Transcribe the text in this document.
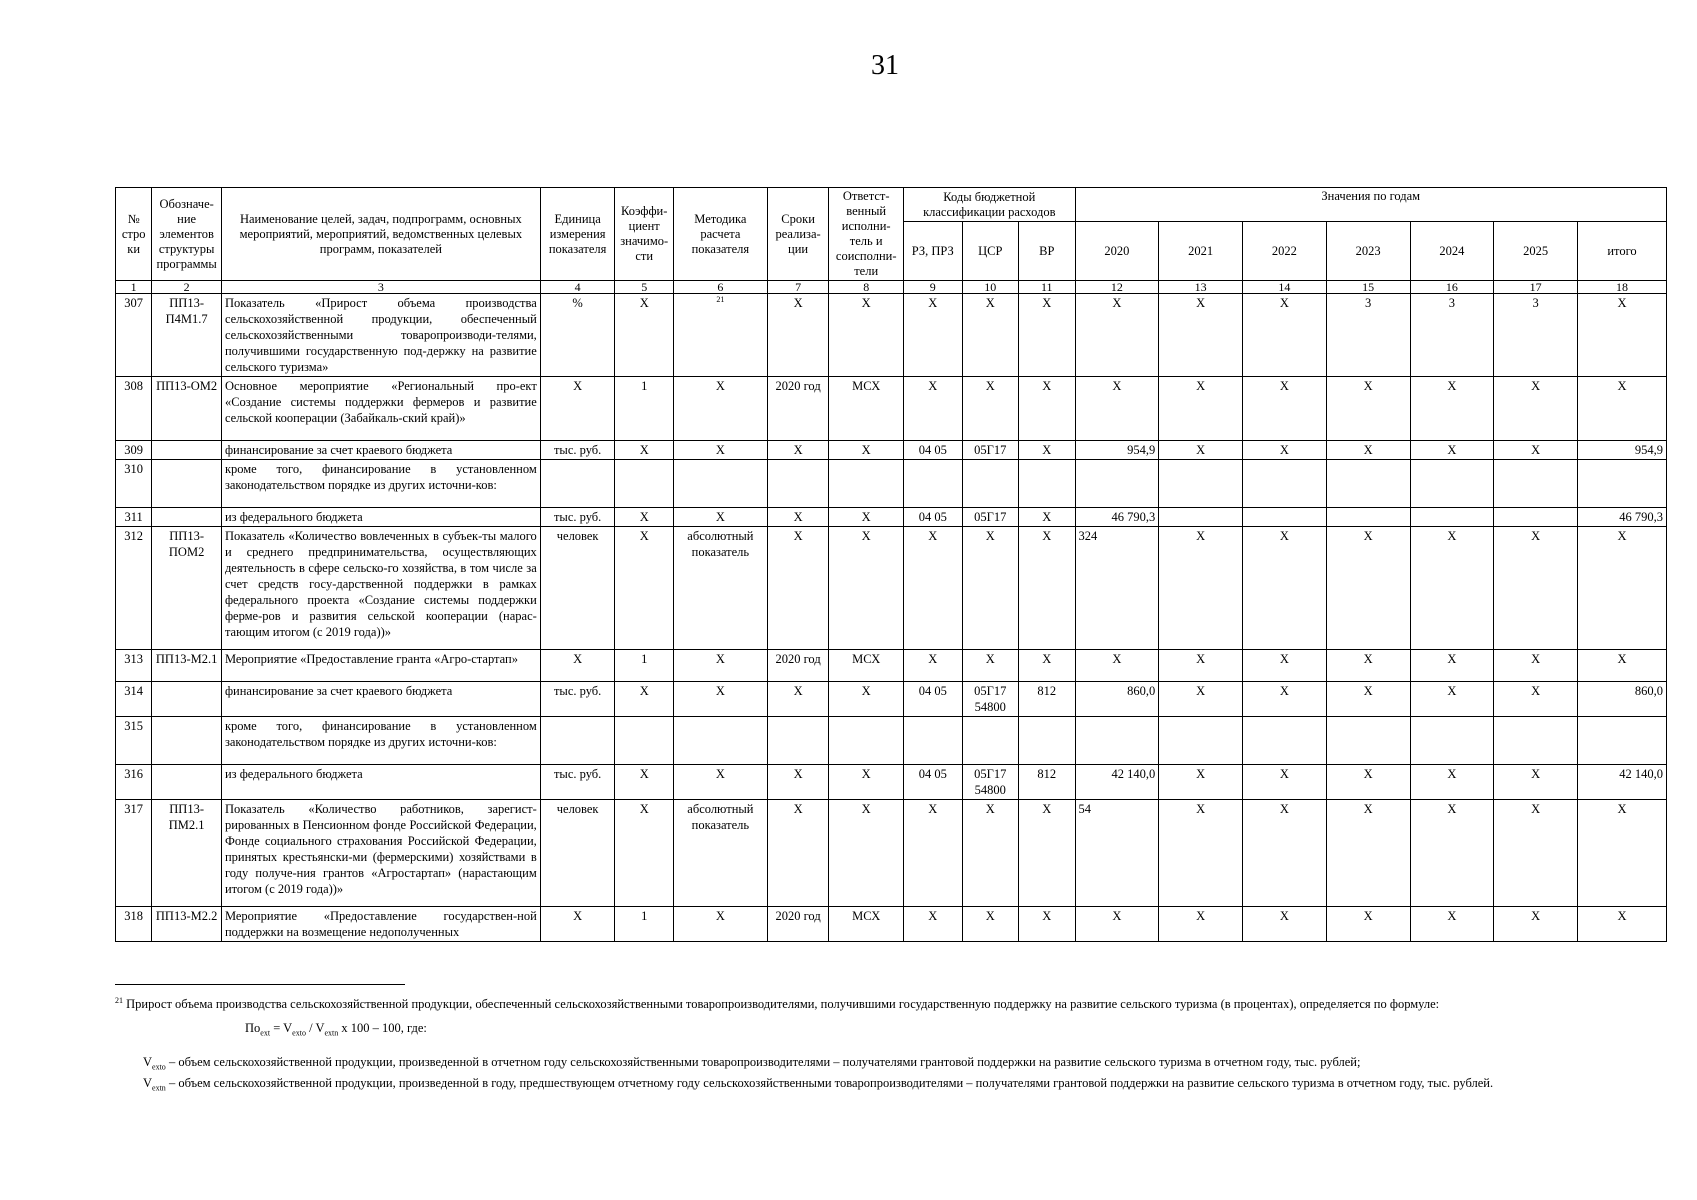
31
№ строки	Обозначе-ние элементов структуры программы	Наименование целей, задач, подпрограмм, основных мероприятий, мероприятий, ведомственных целевых программ, показателей	Единица измерения показателя	Коэффи-циент значимо-сти	Методика расчета показателя	Сроки реализа-ции	Ответст-венный исполни-тель и соисполни-тели	Коды бюджетной классификации расходов			Значения по годам						
								РЗ, ПРЗ	ЦСР	ВР	2020	2021	2022	2023	2024	2025	итого
1	2	3	4	5	6	7	8	9	10	11	12	13	14	15	16	17	18
307	ПП13-П4М1.7	Показатель «Прирост объема производства сельскохозяйственной продукции, обеспеченный сельскохозяйственными товаропроизводи-телями, получившими государственную под-держку на развитие сельского туризма»	%	X	$^{21}$	X	X	X	X	X	X	X	X	3	3	3	X
308	ПП13-ОМ2	Основное мероприятие «Региональный про-ект «Создание системы поддержки фермеров и развитие сельской кооперации (Забайкаль-ский край)»	X	1	X	2020 год	МСХ	X	X	X	X	X	X	X	X	X	X
309		финансирование за счет краевого бюджета	тыс. руб.	X	X	X	X	04 05	05Г17	X	954,9	X	X	X	X	X	954,9
310		кроме того, финансирование в установленном законодательством порядке из других источни-ков:															
311		из федерального бюджета	тыс. руб.	X	X	X	X	04 05	05Г17	X	46 790,3						46 790,3
312	ПП13-ПОМ2	Показатель «Количество вовлеченных в субъек-ты малого и среднего предпринимательства, осуществляющих деятельность в сфере сельско-го хозяйства, в том числе за счет средств госу-дарственной поддержки в рамках федерального проекта «Создание системы поддержки ферме-ров и развития сельской кооперации (нарас-тающим итогом (с 2019 года))»	человек	X	абсолютный показатель	X	X	X	X	X	324	X	X	X	X	X	X
313	ПП13-М2.1	Мероприятие «Предоставление гранта «Агро-стартап»	X	1	X	2020 год	МСХ	X	X	X	X	X	X	X	X	X	X
314		финансирование за счет краевого бюджета	тыс. руб.	X	X	X	X	04 05	05Г17 54800	812	860,0	X	X	X	X	X	860,0
315		кроме того, финансирование в установленном законодательством порядке из других источни-ков:															
316		из федерального бюджета	тыс. руб.	X	X	X	X	04 05	05Г17 54800	812	42 140,0	X	X	X	X	X	42 140,0
317	ПП13-ПМ2.1	Показатель «Количество работников, зарегист-рированных в Пенсионном фонде Российской Федерации, Фонде социального страхования Российской Федерации, принятых крестьянски-ми (фермерскими) хозяйствами в году получе-ния грантов «Агростартап» (нарастающим итогом (с 2019 года))»	человек	X	абсолютный показатель	X	X	X	X	X	54	X	X	X	X	X	X
318	ПП13-М2.2	Мероприятие «Предоставление государствен-ной поддержки на возмещение недополученных	X	1	X	2020 год	МСХ	X	X	X	X	X	X	X	X	X	X

$^{21}$ Прирост объема производства сельскохозяйственной продукции, обеспеченный сельскохозяйственными товаропроизводителями, получившими государственную поддержку на развитие сельского туризма (в процентах), определяется по формуле:

$По_{ext} = V_{exto} / V_{extn}$ x 100 – 100, где:

$V_{exto}$ – объем сельскохозяйственной продукции, произведенной в отчетном году сельскохозяйственными товаропроизводителями – получателями грантовой поддержки на развитие сельского туризма в отчетном году, тыс. рублей;

$V_{extn}$ – объем сельскохозяйственной продукции, произведенной в году, предшествующем отчетному году сельскохозяйственными товаропроизводителями – получателями грантовой поддержки на развитие сельского туризма в отчетном году, тыс. рублей.
